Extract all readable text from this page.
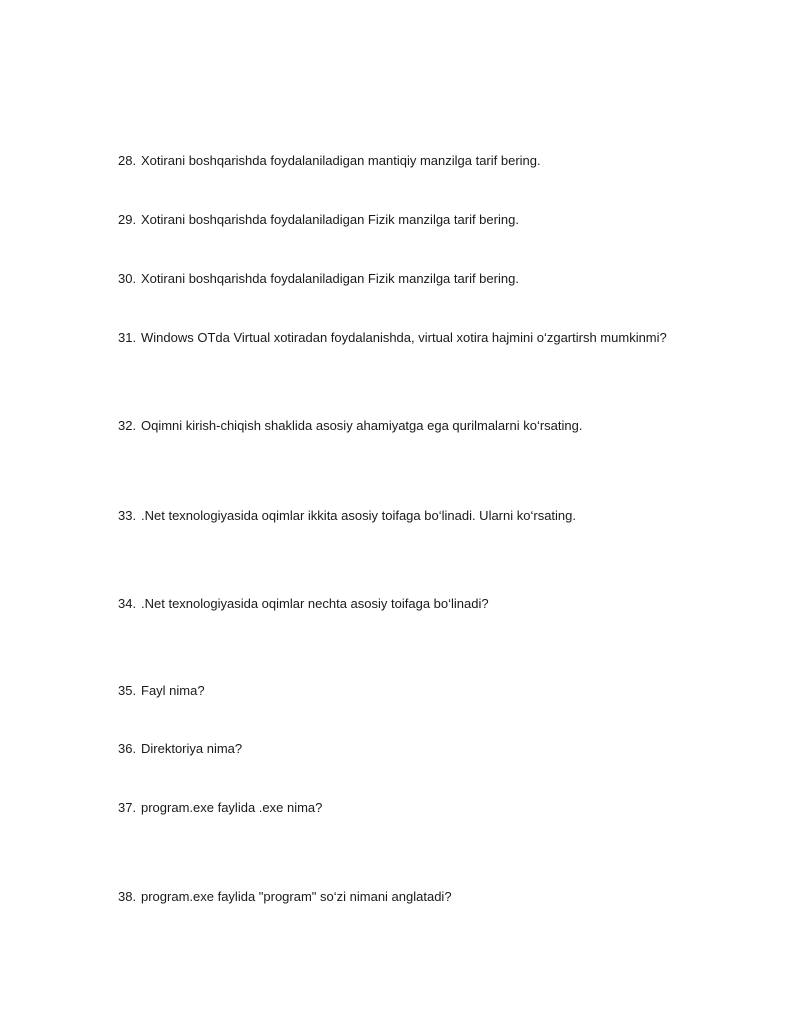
28. Xotirani boshqarishda foydalaniladigan mantiqiy manzilga tarif bering.
29. Xotirani boshqarishda foydalaniladigan Fizik manzilga tarif bering.
30. Xotirani boshqarishda foydalaniladigan Fizik manzilga tarif bering.
31. Windows OTda Virtual xotiradan foydalanishda, virtual xotira hajmini o‘zgartirsh mumkinmi?
32. Oqimni kirish-chiqish shaklida asosiy ahamiyatga ega qurilmalarni ko‘rsating.
33. .Net texnologiyasida oqimlar ikkita asosiy toifaga bo‘linadi. Ularni ko‘rsating.
34. .Net texnologiyasida oqimlar nechta asosiy toifaga bo‘linadi?
35. Fayl nima?
36. Direktoriya nima?
37. program.exe faylida .exe nima?
38. program.exe faylida "program" so‘zi nimani anglatadi?
